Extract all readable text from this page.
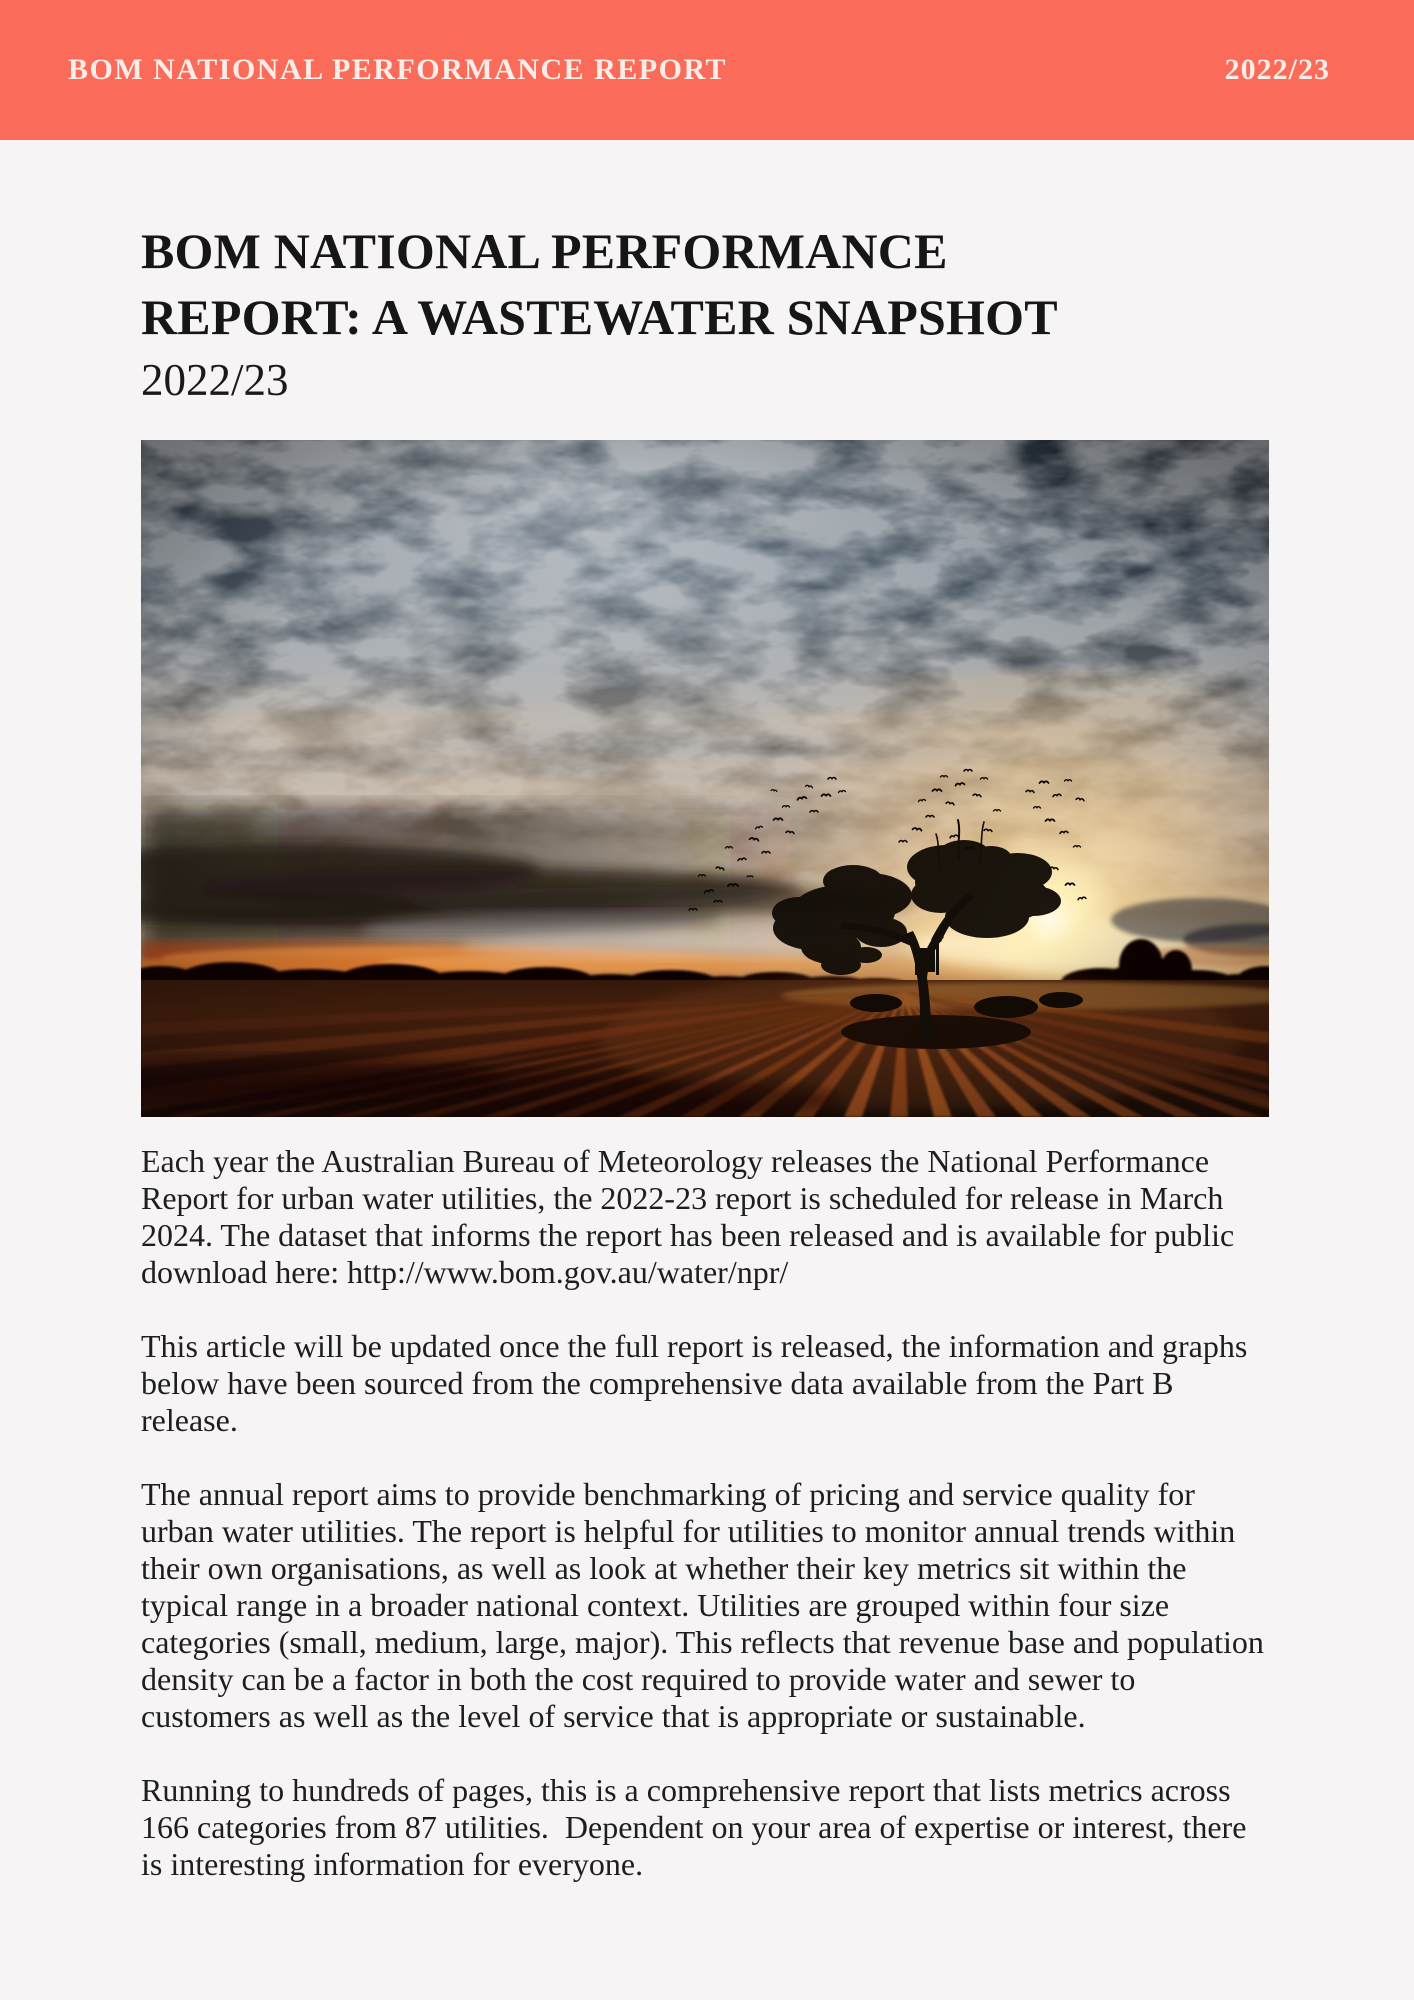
BOM NATIONAL PERFORMANCE REPORT	2022/23
BOM NATIONAL PERFORMANCE REPORT: A WASTEWATER SNAPSHOT
2022/23

Each year the Australian Bureau of Meteorology releases the National Performance Report for urban water utilities, the 2022-23 report is scheduled for release in March 2024. The dataset that informs the report has been released and is available for public download here: http://www.bom.gov.au/water/npr/

This article will be updated once the full report is released, the information and graphs below have been sourced from the comprehensive data available from the Part B release.

The annual report aims to provide benchmarking of pricing and service quality for urban water utilities. The report is helpful for utilities to monitor annual trends within their own organisations, as well as look at whether their key metrics sit within the typical range in a broader national context. Utilities are grouped within four size categories (small, medium, large, major). This reflects that revenue base and population density can be a factor in both the cost required to provide water and sewer to customers as well as the level of service that is appropriate or sustainable.

Running to hundreds of pages, this is a comprehensive report that lists metrics across 166 categories from 87 utilities.  Dependent on your area of expertise or interest, there is interesting information for everyone.
